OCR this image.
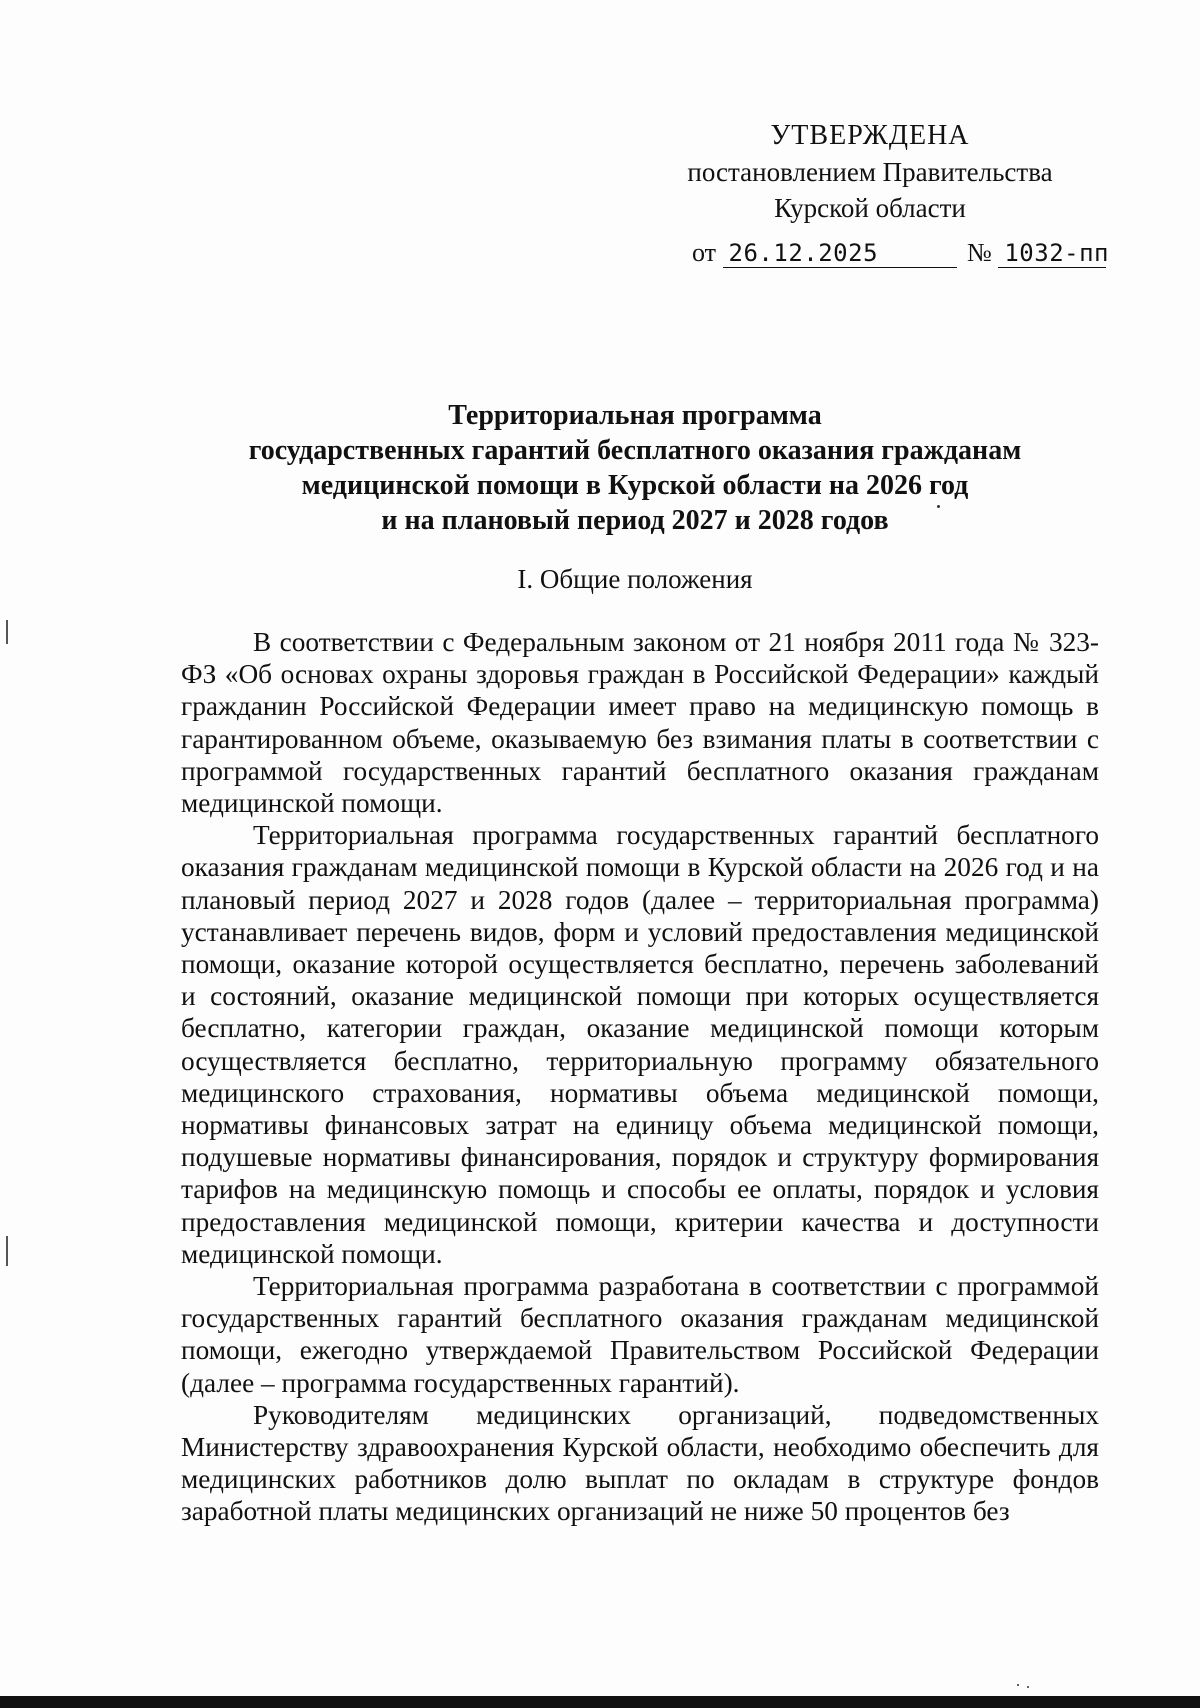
УТВЕРЖДЕНА
постановлением Правительства
Курской области
от 26.12.2025	№ 1032-пп
Территориальная программа
государственных гарантий бесплатного оказания гражданам
медицинской помощи в Курской области на 2026 год
и на плановый период 2027 и 2028 годов
I. Общие положения

В соответствии с Федеральным законом от 21 ноября 2011 года № 323-ФЗ «Об основах охраны здоровья граждан в Российской Федерации» каждый гражданин Российской Федерации имеет право на медицинскую помощь в гарантированном объеме, оказываемую без взимания платы в соответствии с программой государственных гарантий бесплатного оказания гражданам медицинской помощи.

Территориальная программа государственных гарантий бесплатного оказания гражданам медицинской помощи в Курской области на 2026 год и на плановый период 2027 и 2028 годов (далее – территориальная программа) устанавливает перечень видов, форм и условий предоставления медицинской помощи, оказание которой осуществляется бесплатно, перечень заболеваний и состояний, оказание медицинской помощи при которых осуществляется бесплатно, категории граждан, оказание медицинской помощи которым осуществляется бесплатно, территориальную программу обязательного медицинского страхования, нормативы объема медицинской помощи, нормативы финансовых затрат на единицу объема медицинской помощи, подушевые нормативы финансирования, порядок и структуру формирования тарифов на медицинскую помощь и способы ее оплаты, порядок и условия предоставления медицинской помощи, критерии качества и доступности медицинской помощи.

Территориальная программа разработана в соответствии с программой государственных гарантий бесплатного оказания гражданам медицинской помощи, ежегодно утверждаемой Правительством Российской Федерации (далее – программа государственных гарантий).

Руководителям медицинских организаций, подведомственных Министерству здравоохранения Курской области, необходимо обеспечить для медицинских работников долю выплат по окладам в структуре фондов заработной платы медицинских организаций не ниже 50 процентов без
